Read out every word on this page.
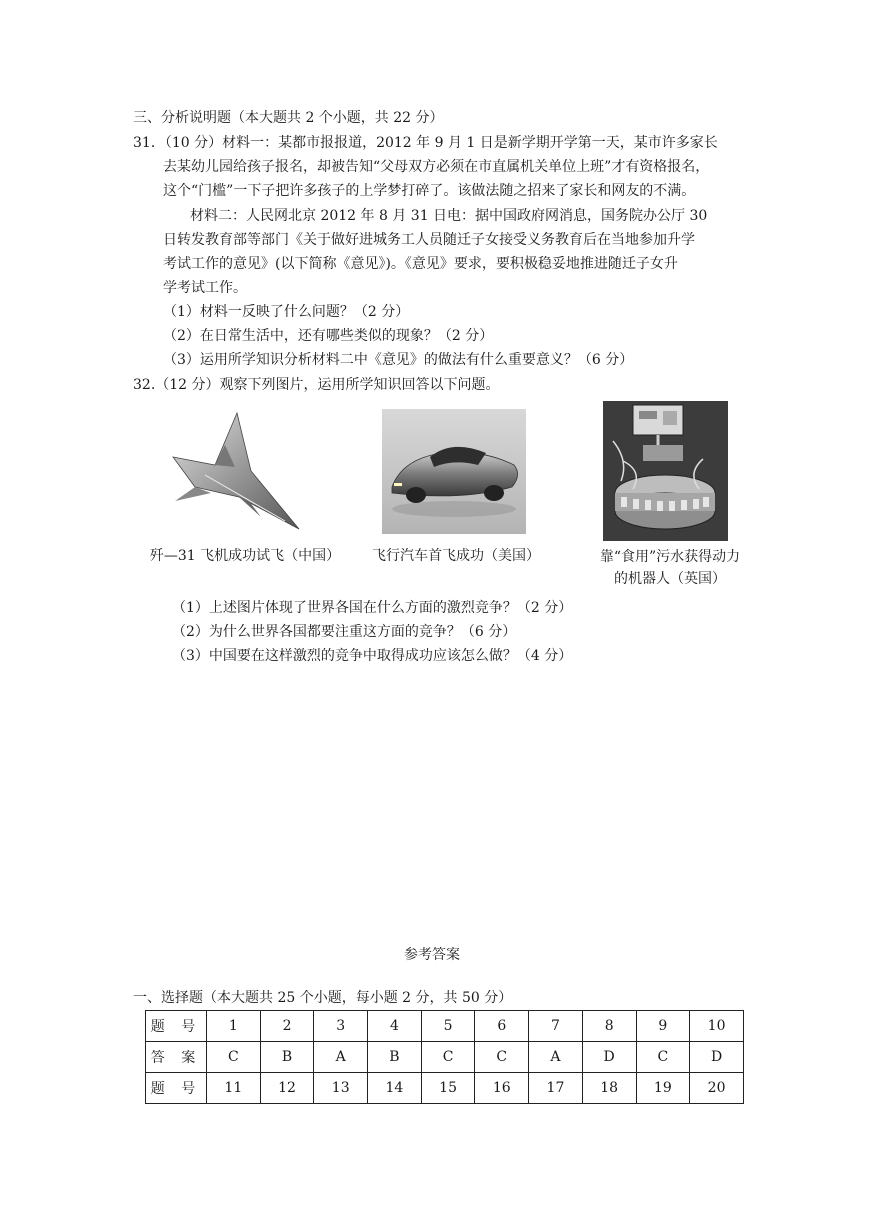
三、分析说明题（本大题共 2 个小题，共 22 分）
31．（10 分）材料一：某都市报报道，2012 年 9 月 1 日是新学期开学第一天，某市许多家长
去某幼儿园给孩子报名，却被告知“父母双方必须在市直属机关单位上班”才有资格报名，
这个“门槛”一下子把许多孩子的上学梦打碎了。该做法随之招来了家长和网友的不满。
材料二：人民网北京 2012 年 8 月 31 日电：据中国政府网消息，国务院办公厅 30
日转发教育部等部门《关于做好进城务工人员随迁子女接受义务教育后在当地参加升学
考试工作的意见》(以下简称《意见》)。《意见》要求，要积极稳妥地推进随迁子女升
学考试工作。
（1）材料一反映了什么问题？（2 分）
（2）在日常生活中，还有哪些类似的现象？（2 分）
（3）运用所学知识分析材料二中《意见》的做法有什么重要意义？（6 分）
32.（12 分）观察下列图片，运用所学知识回答以下问题。
歼—31 飞机成功试飞（中国）	飞行汽车首飞成功（美国）	靠“食用”污水获得动力
的机器人（英国）
（1）上述图片体现了世界各国在什么方面的激烈竞争？（2 分）
（2）为什么世界各国都要注重这方面的竞争？（6 分）
（3）中国要在这样激烈的竞争中取得成功应该怎么做？（4 分）
参考答案
一、选择题（本大题共 25 个小题，每小题 2 分，共 50 分）
题 号	1	2	3	4	5	6	7	8	9	10
答 案	C	B	A	B	C	C	A	D	C	D
题 号	11	12	13	14	15	16	17	18	19	20
